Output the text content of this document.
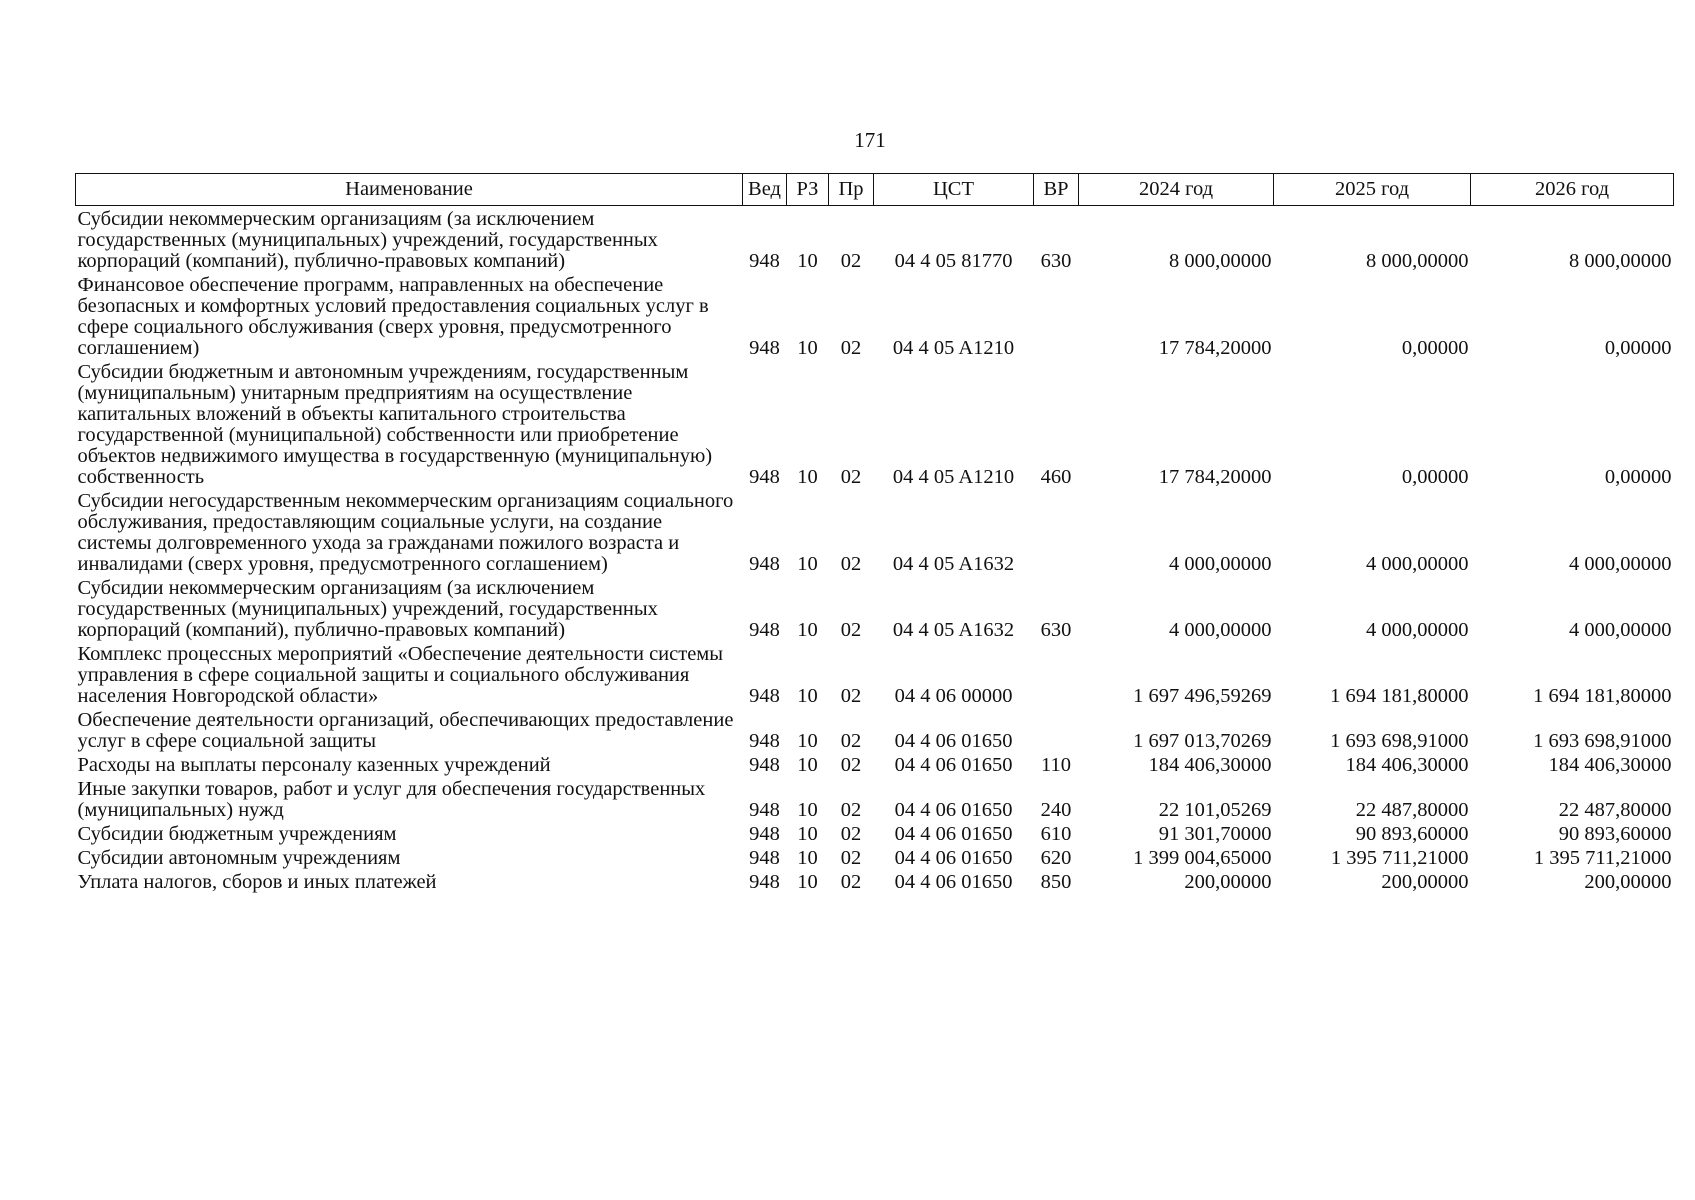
171
Наименование	Вед	РЗ	Пр	ЦСТ	ВР	2024 год	2025 год	2026 год
Субсидии некоммерческим организациям (за исключением государственных (муниципальных) учреждений, государственных корпораций (компаний), публично-правовых компаний)	948	10	02	04 4 05 81770	630	8 000,00000	8 000,00000	8 000,00000
Финансовое обеспечение программ, направленных на обеспечение безопасных и комфортных условий предоставления социальных услуг в сфере социального обслуживания (сверх уровня, предусмотренного соглашением)	948	10	02	04 4 05 A1210		17 784,20000	0,00000	0,00000
Субсидии бюджетным и автономным учреждениям, государственным (муниципальным) унитарным предприятиям на осуществление капитальных вложений в объекты капитального строительства государственной (муниципальной) собственности или приобретение объектов недвижимого имущества в государственную (муниципальную) собственность	948	10	02	04 4 05 A1210	460	17 784,20000	0,00000	0,00000
Субсидии негосударственным некоммерческим организациям социального обслуживания, предоставляющим социальные услуги, на создание системы долговременного ухода за гражданами пожилого возраста и инвалидами (сверх уровня, предусмотренного соглашением)	948	10	02	04 4 05 A1632		4 000,00000	4 000,00000	4 000,00000
Субсидии некоммерческим организациям (за исключением государственных (муниципальных) учреждений, государственных корпораций (компаний), публично-правовых компаний)	948	10	02	04 4 05 A1632	630	4 000,00000	4 000,00000	4 000,00000
Комплекс процессных мероприятий «Обеспечение деятельности системы управления в сфере социальной защиты и социального обслуживания населения Новгородской области»	948	10	02	04 4 06 00000		1 697 496,59269	1 694 181,80000	1 694 181,80000
Обеспечение деятельности организаций, обеспечивающих предоставление услуг в сфере социальной защиты	948	10	02	04 4 06 01650		1 697 013,70269	1 693 698,91000	1 693 698,91000
Расходы на выплаты персоналу казенных учреждений	948	10	02	04 4 06 01650	110	184 406,30000	184 406,30000	184 406,30000
Иные закупки товаров, работ и услуг для обеспечения государственных (муниципальных) нужд	948	10	02	04 4 06 01650	240	22 101,05269	22 487,80000	22 487,80000
Субсидии бюджетным учреждениям	948	10	02	04 4 06 01650	610	91 301,70000	90 893,60000	90 893,60000
Субсидии автономным учреждениям	948	10	02	04 4 06 01650	620	1 399 004,65000	1 395 711,21000	1 395 711,21000
Уплата налогов, сборов и иных платежей	948	10	02	04 4 06 01650	850	200,00000	200,00000	200,00000
